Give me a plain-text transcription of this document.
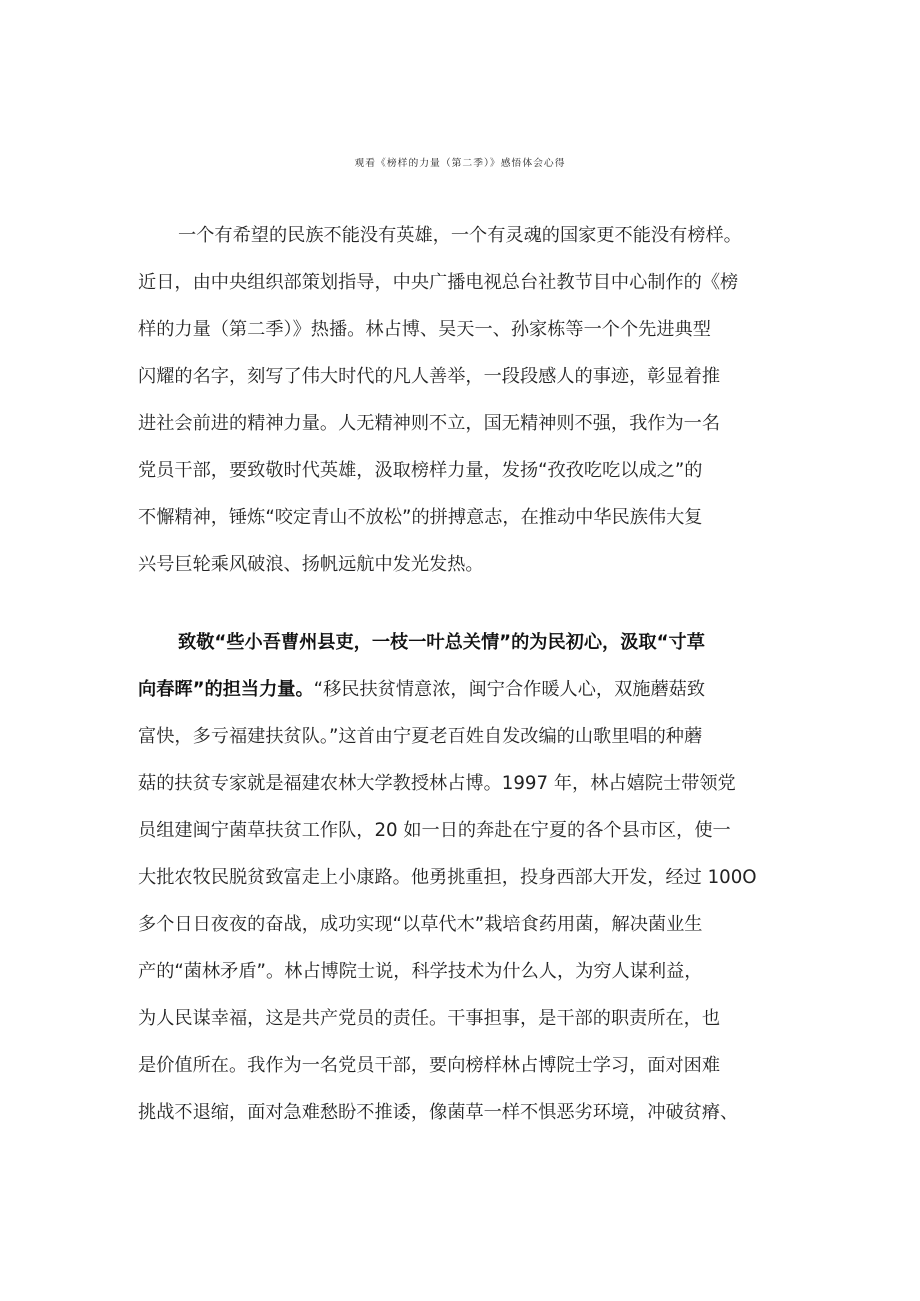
观看《榜样的力量（第二季）》感悟体会心得
一个有希望的民族不能没有英雄，一个有灵魂的国家更不能没有榜样。
近日，由中央组织部策划指导，中央广播电视总台社教节目中心制作的《榜
样的力量（第二季）》热播。林占博、吴天一、孙家栋等一个个先进典型
闪耀的名字，刻写了伟大时代的凡人善举，一段段感人的事迹，彰显着推
进社会前进的精神力量。人无精神则不立，国无精神则不强，我作为一名
党员干部，要致敬时代英雄，汲取榜样力量，发扬“孜孜吃吃以成之”的
不懈精神，锤炼“咬定青山不放松”的拼搏意志，在推动中华民族伟大复
兴号巨轮乘风破浪、扬帆远航中发光发热。
致敬“些小吾曹州县吏，一枝一叶总关情”的为民初心，汲取“寸草
向春晖”的担当力量。“移民扶贫情意浓，闽宁合作暖人心，双施蘑菇致
富快，多亏福建扶贫队。”这首由宁夏老百姓自发改编的山歌里唱的种蘑
菇的扶贫专家就是福建农林大学教授林占博。1997 年，林占嬉院士带领党
员组建闽宁菌草扶贫工作队，20 如一日的奔赴在宁夏的各个县市区，使一
大批农牧民脱贫致富走上小康路。他勇挑重担，投身西部大开发，经过 100O
多个日日夜夜的奋战，成功实现“以草代木”栽培食药用菌，解决菌业生
产的“菌林矛盾”。林占博院士说，科学技术为什么人，为穷人谋利益，
为人民谋幸福，这是共产党员的责任。干事担事，是干部的职责所在，也
是价值所在。我作为一名党员干部，要向榜样林占博院士学习，面对困难
挑战不退缩，面对急难愁盼不推诿，像菌草一样不惧恶劣环境，冲破贫瘠、
